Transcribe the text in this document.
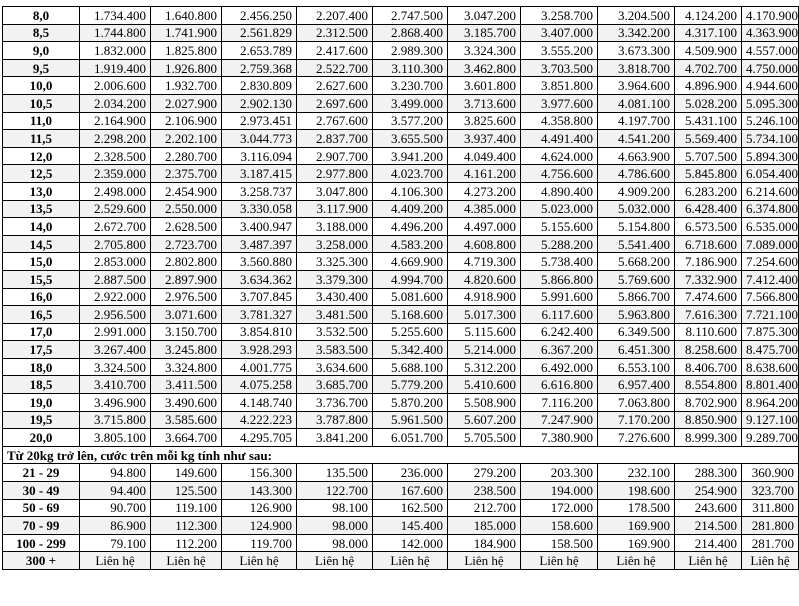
8,0	1.734.400	1.640.800	2.456.250	2.207.400	2.747.500	3.047.200	3.258.700	3.204.500	4.124.200	4.170.900
8,5	1.744.800	1.741.900	2.561.829	2.312.500	2.868.400	3.185.700	3.407.000	3.342.200	4.317.100	4.363.900
9,0	1.832.000	1.825.800	2.653.789	2.417.600	2.989.300	3.324.300	3.555.200	3.673.300	4.509.900	4.557.000
9,5	1.919.400	1.926.800	2.759.368	2.522.700	3.110.300	3.462.800	3.703.500	3.818.700	4.702.700	4.750.000
10,0	2.006.600	1.932.700	2.830.809	2.627.600	3.230.700	3.601.800	3.851.800	3.964.600	4.896.900	4.944.600
10,5	2.034.200	2.027.900	2.902.130	2.697.600	3.499.000	3.713.600	3.977.600	4.081.100	5.028.200	5.095.300
11,0	2.164.900	2.106.900	2.973.451	2.767.600	3.577.200	3.825.600	4.358.800	4.197.700	5.431.100	5.246.100
11,5	2.298.200	2.202.100	3.044.773	2.837.700	3.655.500	3.937.400	4.491.400	4.541.200	5.569.400	5.734.100
12,0	2.328.500	2.280.700	3.116.094	2.907.700	3.941.200	4.049.400	4.624.000	4.663.900	5.707.500	5.894.300
12,5	2.359.000	2.375.700	3.187.415	2.977.800	4.023.700	4.161.200	4.756.600	4.786.600	5.845.800	6.054.400
13,0	2.498.000	2.454.900	3.258.737	3.047.800	4.106.300	4.273.200	4.890.400	4.909.200	6.283.200	6.214.600
13,5	2.529.600	2.550.000	3.330.058	3.117.900	4.409.200	4.385.000	5.023.000	5.032.000	6.428.400	6.374.800
14,0	2.672.700	2.628.500	3.400.947	3.188.000	4.496.200	4.497.000	5.155.600	5.154.800	6.573.500	6.535.000
14,5	2.705.800	2.723.700	3.487.397	3.258.000	4.583.200	4.608.800	5.288.200	5.541.400	6.718.600	7.089.000
15,0	2.853.000	2.802.800	3.560.880	3.325.300	4.669.900	4.719.300	5.738.400	5.668.200	7.186.900	7.254.600
15,5	2.887.500	2.897.900	3.634.362	3.379.300	4.994.700	4.820.600	5.866.800	5.769.600	7.332.900	7.412.400
16,0	2.922.000	2.976.500	3.707.845	3.430.400	5.081.600	4.918.900	5.991.600	5.866.700	7.474.600	7.566.800
16,5	2.956.500	3.071.600	3.781.327	3.481.500	5.168.600	5.017.300	6.117.600	5.963.800	7.616.300	7.721.100
17,0	2.991.000	3.150.700	3.854.810	3.532.500	5.255.600	5.115.600	6.242.400	6.349.500	8.110.600	7.875.300
17,5	3.267.400	3.245.800	3.928.293	3.583.500	5.342.400	5.214.000	6.367.200	6.451.300	8.258.600	8.475.700
18,0	3.324.500	3.324.800	4.001.775	3.634.600	5.688.100	5.312.200	6.492.000	6.553.100	8.406.700	8.638.600
18,5	3.410.700	3.411.500	4.075.258	3.685.700	5.779.200	5.410.600	6.616.800	6.957.400	8.554.800	8.801.400
19,0	3.496.900	3.490.600	4.148.740	3.736.700	5.870.200	5.508.900	7.116.200	7.063.800	8.702.900	8.964.200
19,5	3.715.800	3.585.600	4.222.223	3.787.800	5.961.500	5.607.200	7.247.900	7.170.200	8.850.900	9.127.100
20,0	3.805.100	3.664.700	4.295.705	3.841.200	6.051.700	5.705.500	7.380.900	7.276.600	8.999.300	9.289.700
Từ 20kg trở lên, cước trên mỗi kg tính như sau:										
21 - 29	94.800	149.600	156.300	135.500	236.000	279.200	203.300	232.100	288.300	360.900
30 - 49	94.400	125.500	143.300	122.700	167.600	238.500	194.000	198.600	254.900	323.700
50 - 69	90.700	119.100	126.900	98.100	162.500	212.700	172.000	178.500	243.600	311.800
70 - 99	86.900	112.300	124.900	98.000	145.400	185.000	158.600	169.900	214.500	281.800
100 - 299	79.100	112.200	119.700	98.000	142.000	184.900	158.500	169.900	214.400	281.700
300 +	Liên hệ	Liên hệ	Liên hệ	Liên hệ	Liên hệ	Liên hệ	Liên hệ	Liên hệ	Liên hệ	Liên hệ
